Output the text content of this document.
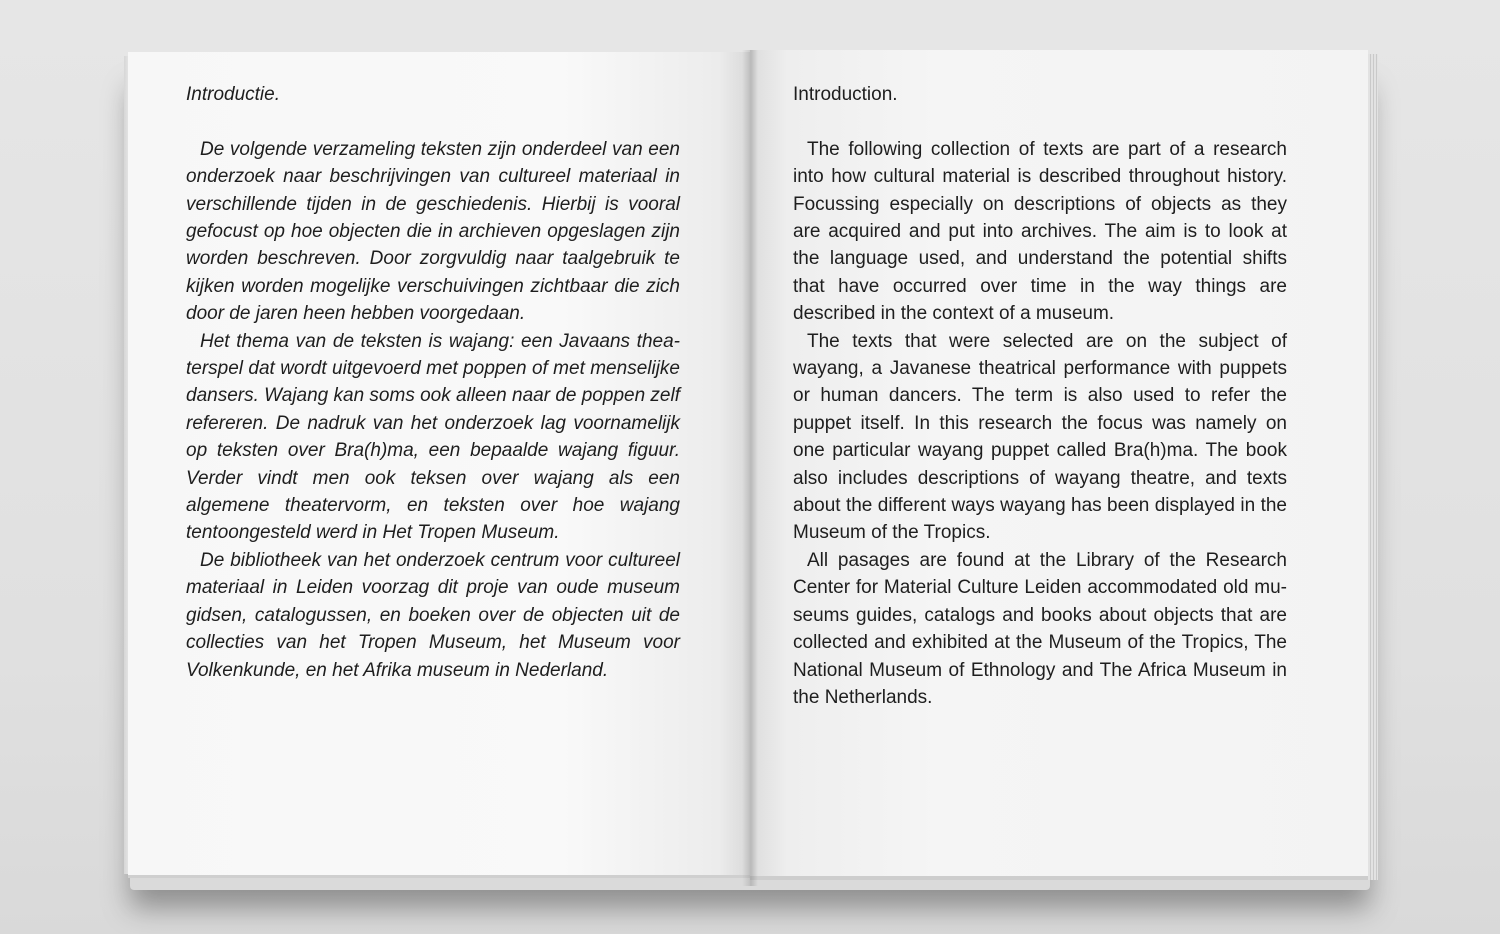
Introductie.

De volgende verzameling teksten zijn onderdeel van een onderzoek naar beschrijvingen van cultureel materiaal in verschillende tijden in de geschiedenis. Hierbij is vooral gefocust op hoe objecten die in archieven opgeslagen zijn worden beschreven. Door zorgvuldig naar taalgebruik te kijken worden mogelijke verschuivingen zichtbaar die zich door de jaren heen hebben voorgedaan.

Het thema van de teksten is wajang: een Javaans theaterspel dat wordt uitgevoerd met poppen of met menselijke dansers. Wajang kan soms ook alleen naar de poppen zelf refereren. De nadruk van het onderzoek lag voornamelijk op teksten over Bra(h)ma, een bepaalde wajang figuur. Verder vindt men ook teksen over wajang als een algemene theatervorm, en teksten over hoe wajang tentoongesteld werd in Het Tropen Museum.

De bibliotheek van het onderzoek centrum voor cultureel materiaal in Leiden voorzag dit proje van oude museum gidsen, catalogussen, en boeken over de objecten uit de collecties van het Tropen Museum, het Museum voor Volkenkunde, en het Afrika museum in Nederland.

Introduction.

The following collection of texts are part of a research into how cultural material is described throughout history. Focussing especially on descriptions of objects as they are acquired and put into archives. The aim is to look at the language used, and understand the potential shifts that have occurred over time in the way things are described in the context of a museum.

The texts that were selected are on the subject of wayang, a Javanese theatrical performance with puppets or human dancers. The term is also used to refer the puppet itself. In this research the focus was namely on one particular wayang puppet called Bra(h)ma. The book also includes descriptions of wayang theatre, and texts about the different ways wayang has been displayed in the Museum of the Tropics.

All pasages are found at the Library of the Research Center for Material Culture Leiden accommodated old museums guides, catalogs and books about objects that are collected and exhibited at the Museum of the Tropics, The National Museum of Ethnology and The Africa Museum in the Netherlands.
